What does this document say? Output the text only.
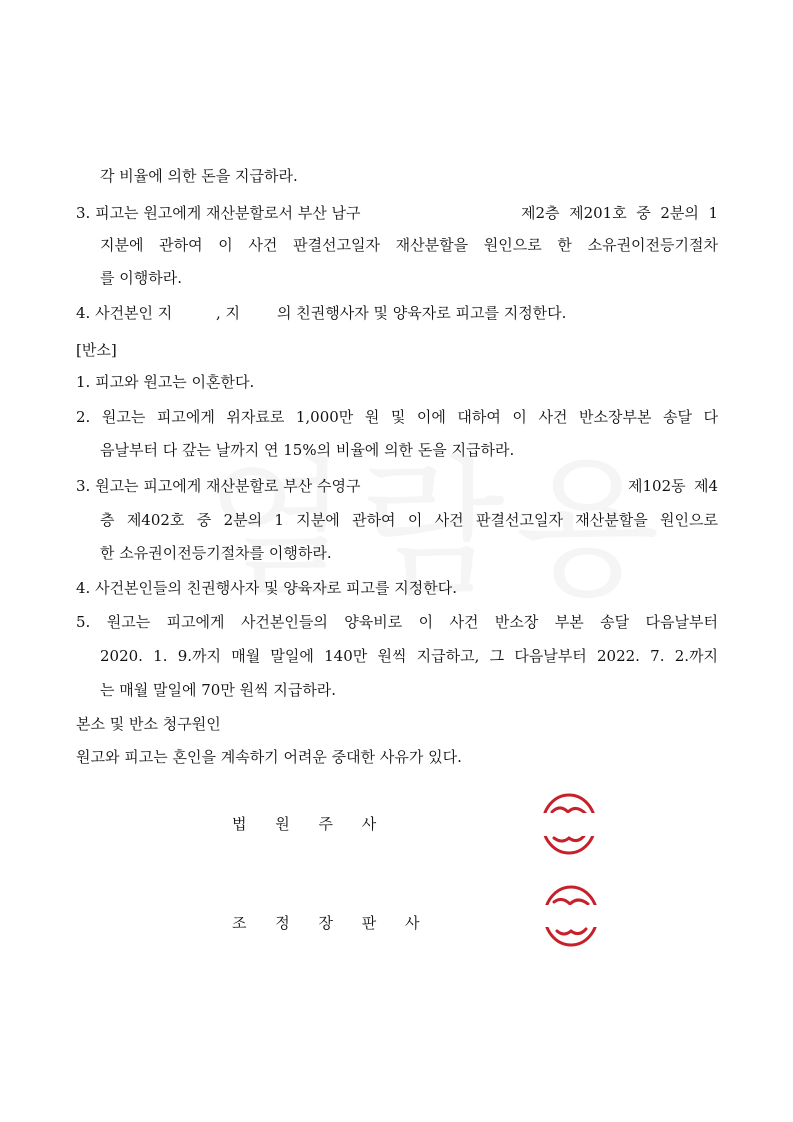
각 비율에 의한 돈을 지급하라.
3. 피고는 원고에게 재산분할로서 부산 남구	제2층 제201호 중 2분의 1
지분에 관하여 이 사건 판결선고일자 재산분할을 원인으로 한 소유권이전등기절차
를 이행하라.
4. 사건본인 지	, 지 의 친권행사자 및 양육자로 피고를 지정한다.
[반소]
1. 피고와 원고는 이혼한다.
2. 원고는 피고에게 위자료로 1,000만 원 및 이에 대하여 이 사건 반소장부본 송달 다
음날부터 다 갚는 날까지 연 15%의 비율에 의한 돈을 지급하라.
3. 원고는 피고에게 재산분할로 부산 수영구	제102동 제4
층 제402호 중 2분의 1 지분에 관하여 이 사건 판결선고일자 재산분할을 원인으로
한 소유권이전등기절차를 이행하라.
4. 사건본인들의 친권행사자 및 양육자로 피고를 지정한다.
5. 원고는 피고에게 사건본인들의 양육비로 이 사건 반소장 부본 송달 다음날부터
2020. 1. 9.까지 매월 말일에 140만 원씩 지급하고, 그 다음날부터 2022. 7. 2.까지
는 매월 말일에 70만 원씩 지급하라.
본소 및 반소 청구원인
원고와 피고는 혼인을 계속하기 어려운 중대한 사유가 있다.
법 원 주 사
조 정 장 판 사
